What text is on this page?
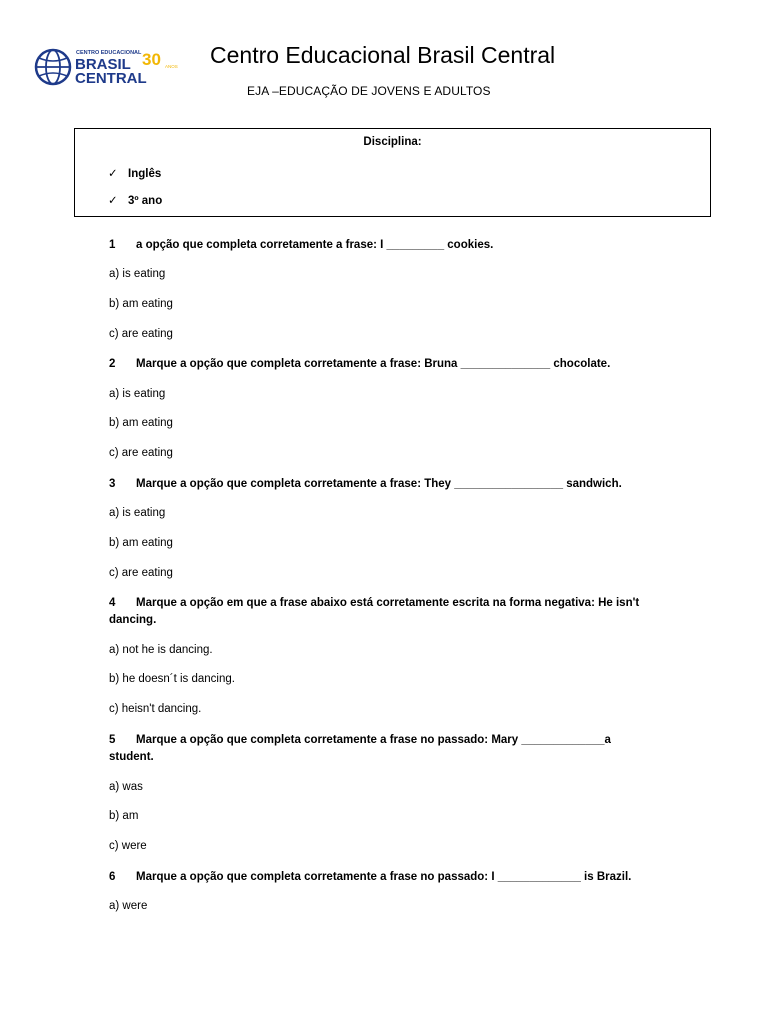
CENTRO EDUCACIONAL
BRASIL
CENTRAL
30 ANOS Centro Educacional Brasil Central
EJA –EDUCAÇÃO DE JOVENS E ADULTOS
Disciplina:
✓ Inglês
✓ 3º ano
1 a opção que completa corretamente a frase: I _________ cookies.
a) is eating
b) am eating
c) are eating
2 Marque a opção que completa corretamente a frase: Bruna ______________ chocolate.
a) is eating
b) am eating
c) are eating
3 Marque a opção que completa corretamente a frase: They _________________ sandwich.
a) is eating
b) am eating
c) are eating
4 Marque a opção em que a frase abaixo está corretamente escrita na forma negativa: He isn't dancing.
a) not he is dancing.
b) he doesn´t is dancing.
c) heisn't dancing.
5 Marque a opção que completa corretamente a frase no passado: Mary _____________a student.
a) was
b) am
c) were
6 Marque a opção que completa corretamente a frase no passado: I _____________ is Brazil.
a) were
